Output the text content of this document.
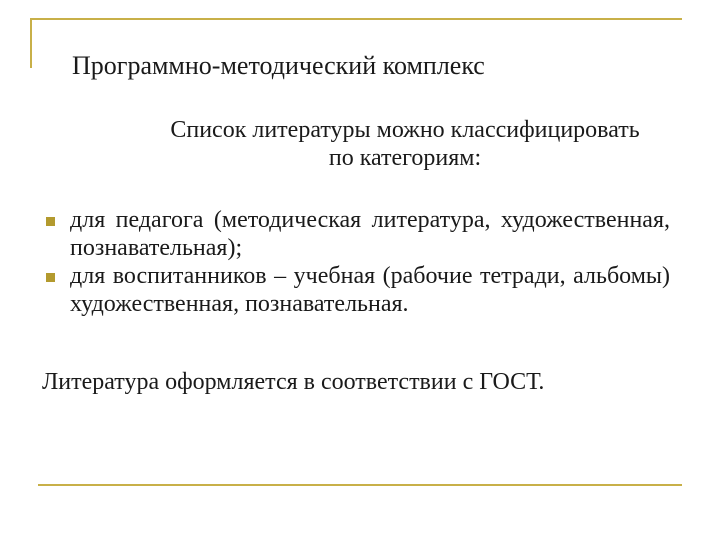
Программно-методический комплекс
Список литературы можно классифицировать
по категориям:
для педагога (методическая литература, художественная, познавательная);
для воспитанников – учебная (рабочие тетради, альбомы) художественная, познавательная.
Литература оформляется в соответствии с ГОСТ.
